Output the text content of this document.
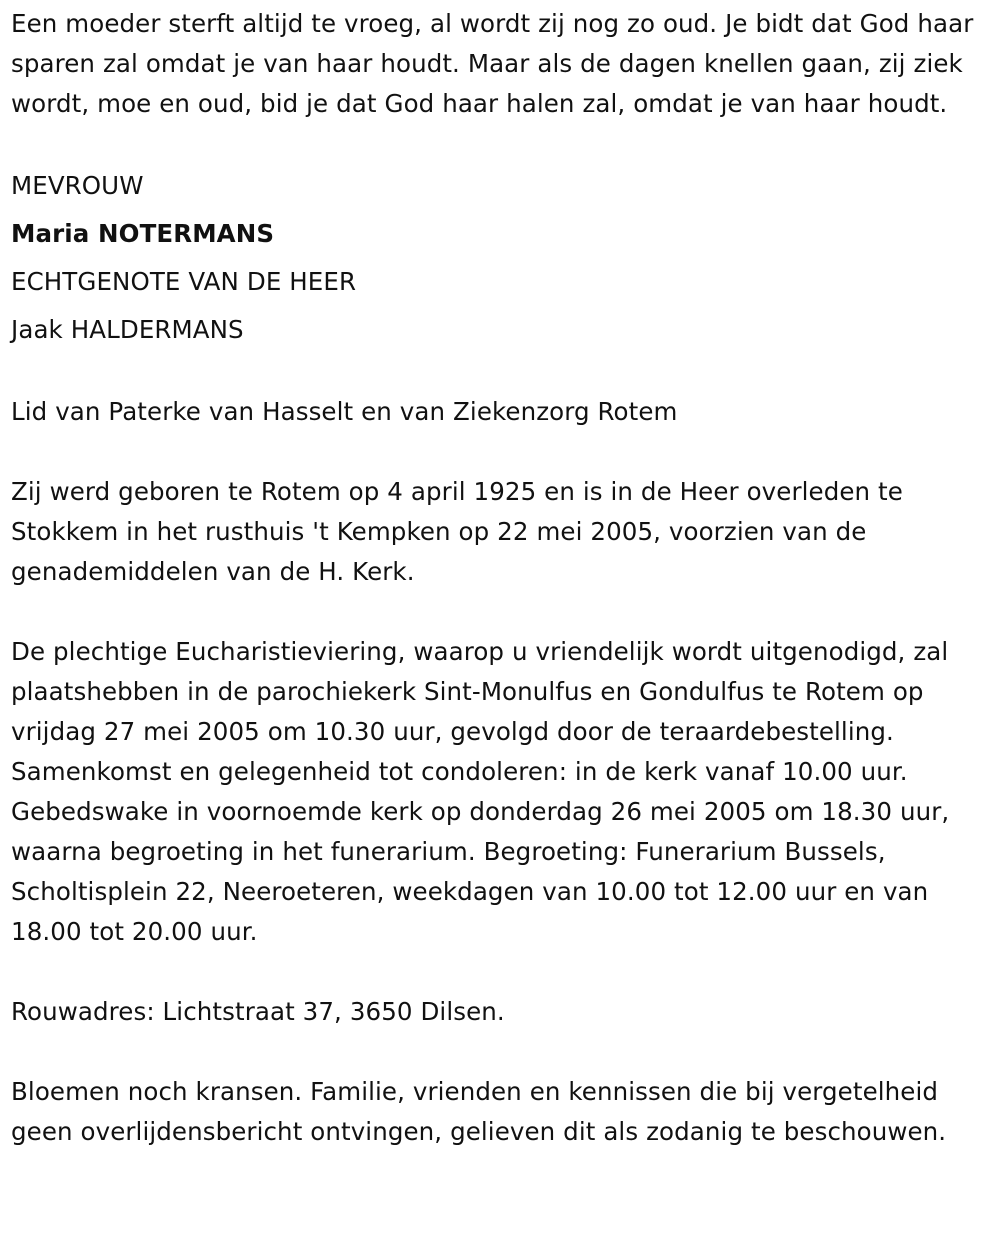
Een moeder sterft altijd te vroeg, al wordt zij nog zo oud. Je bidt dat God haar sparen zal omdat je van haar houdt. Maar als de dagen knellen gaan, zij ziek wordt, moe en oud, bid je dat God haar halen zal, omdat je van haar houdt.

MEVROUW

Maria NOTERMANS

ECHTGENOTE VAN DE HEER

Jaak HALDERMANS

Lid van Paterke van Hasselt en van Ziekenzorg Rotem

Zij werd geboren te Rotem op 4 april 1925 en is in de Heer overleden te Stokkem in het rusthuis 't Kempken op 22 mei 2005, voorzien van de genademiddelen van de H. Kerk.

De plechtige Eucharistieviering, waarop u vriendelijk wordt uitgenodigd, zal plaatshebben in de parochiekerk Sint-Monulfus en Gondulfus te Rotem op vrijdag 27 mei 2005 om 10.30 uur, gevolgd door de teraardebestelling. Samenkomst en gelegenheid tot condoleren: in de kerk vanaf 10.00 uur. Gebedswake in voornoemde kerk op donderdag 26 mei 2005 om 18.30 uur, waarna begroeting in het funerarium. Begroeting: Funerarium Bussels, Scholtisplein 22, Neeroeteren, weekdagen van 10.00 tot 12.00 uur en van 18.00 tot 20.00 uur.

Rouwadres: Lichtstraat 37, 3650 Dilsen.

Bloemen noch kransen. Familie, vrienden en kennissen die bij vergetelheid geen overlijdensbericht ontvingen, gelieven dit als zodanig te beschouwen.
